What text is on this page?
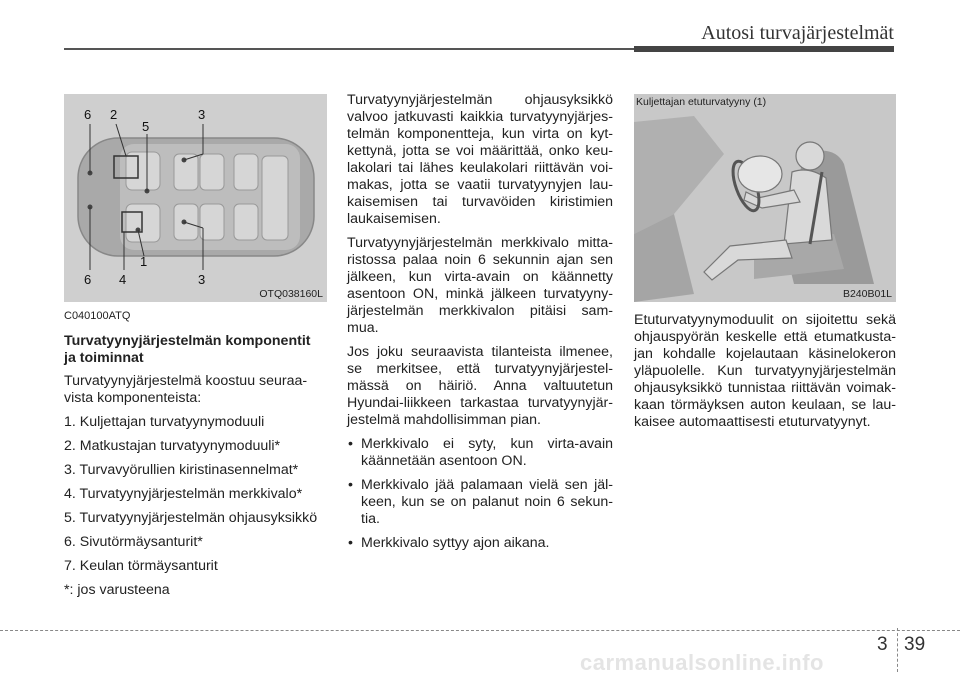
Autosi turvajärjestelmät
6 2
5
3
6 4
1
3
OTQ038160L
Kuljettajan etuturvatyyny (1)
B240B01L

C040100ATQ

Turvatyynyjärjestelmän komponentit ja toiminnat

Turvatyynyjärjestelmä koostuu seuraa- vista komponenteista:

1. Kuljettajan turvatyynymoduuli
2. Matkustajan turvatyynymoduuli*
3. Turvavyörullien kiristinasennelmat*
4. Turvatyynyjärjestelmän merkkivalo*
5. Turvatyynyjärjestelmän ohjausyksikkö
6. Sivutörmäysanturit*
7. Keulan törmäysanturit
*: jos varusteena

Turvatyynyjärjestelmän ohjausyksikkö valvoo jatkuvasti kaikkia turvatyynyjärjes- telmän komponentteja, kun virta on kyt- kettynä, jotta se voi määrittää, onko keu- lakolari tai lähes keulakolari riittävän voi- makas, jotta se vaatii turvatyynyjen lau- kaisemisen tai turvavöiden kiristimien laukaisemisen.

Turvatyynyjärjestelmän merkkivalo mitta- ristossa palaa noin 6 sekunnin ajan sen jälkeen, kun virta-avain on käännetty asentoon ON, minkä jälkeen turvatyyny- järjestelmän merkkivalon pitäisi sam- mua.

Jos joku seuraavista tilanteista ilmenee, se merkitsee, että turvatyynyjärjestel- mässä on häiriö. Anna valtuutetun Hyundai-liikkeen tarkastaa turvatyynyjär- jestelmä mahdollisimman pian.

• Merkkivalo ei syty, kun virta-avain käännetään asentoon ON.
• Merkkivalo jää palamaan vielä sen jäl- keen, kun se on palanut noin 6 sekun- tia.
• Merkkivalo syttyy ajon aikana.

Etuturvatyynymoduulit on sijoitettu sekä ohjauspyörän keskelle että etumatkusta- jan kohdalle kojelautaan käsinelokeron yläpuolelle. Kun turvatyynyjärjestelmän ohjausyksikkö tunnistaa riittävän voimak- kaan törmäyksen auton keulaan, se lau- kaisee automaattisesti etuturvatyynyt.

3 39
carmanualsonline.info
